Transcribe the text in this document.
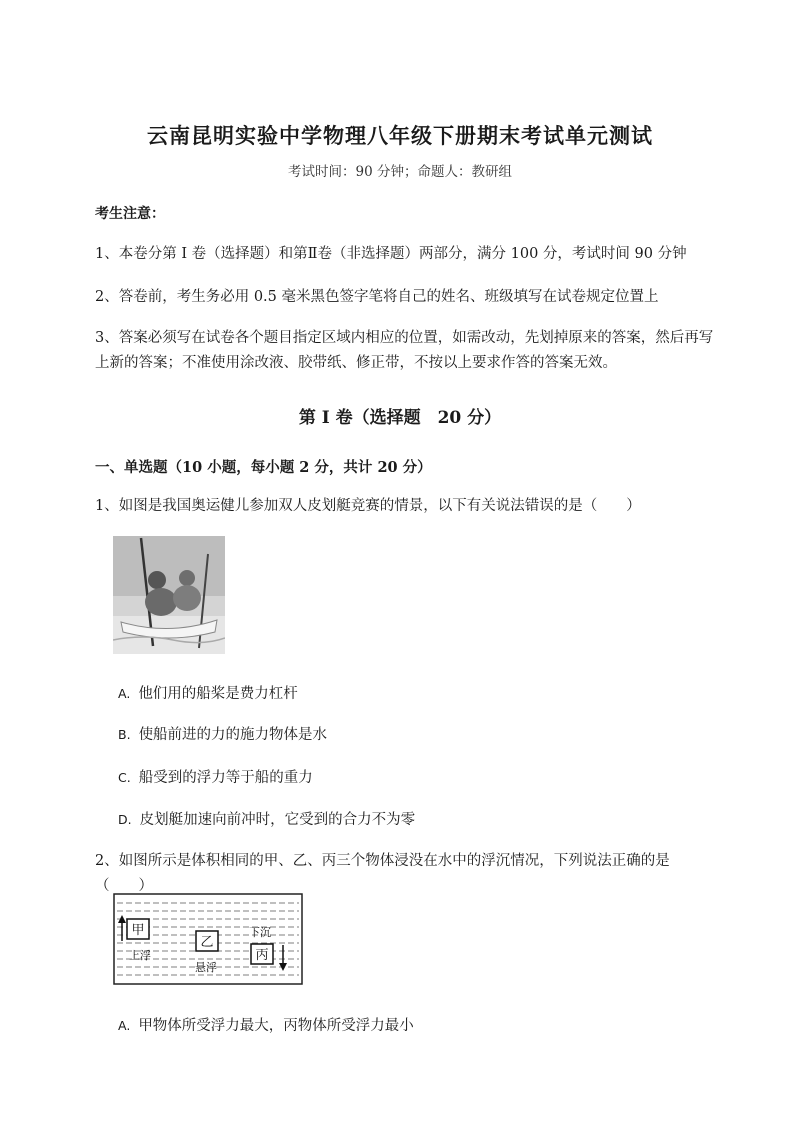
云南昆明实验中学物理八年级下册期末考试单元测试
考试时间：90 分钟；命题人：教研组
考生注意：
1、本卷分第 I 卷（选择题）和第Ⅱ卷（非选择题）两部分，满分 100 分，考试时间 90 分钟
2、答卷前，考生务必用 0.5 毫米黑色签字笔将自己的姓名、班级填写在试卷规定位置上
3、答案必须写在试卷各个题目指定区域内相应的位置，如需改动，先划掉原来的答案，然后再写上新的答案；不准使用涂改液、胶带纸、修正带，不按以上要求作答的答案无效。
第 I 卷（选择题　20 分）
一、单选题（10 小题，每小题 2 分，共计 20 分）
1、如图是我国奥运健儿参加双人皮划艇竞赛的情景，以下有关说法错误的是（　　）
A. 他们用的船桨是费力杠杆
B. 使船前进的力的施力物体是水
C. 船受到的浮力等于船的重力
D. 皮划艇加速向前冲时，它受到的合力不为零
2、如图所示是体积相同的甲、乙、丙三个物体浸没在水中的浮沉情况，下列说法正确的是（　　）
甲
上浮
乙
悬浮
丙
下沉
A. 甲物体所受浮力最大，丙物体所受浮力最小
